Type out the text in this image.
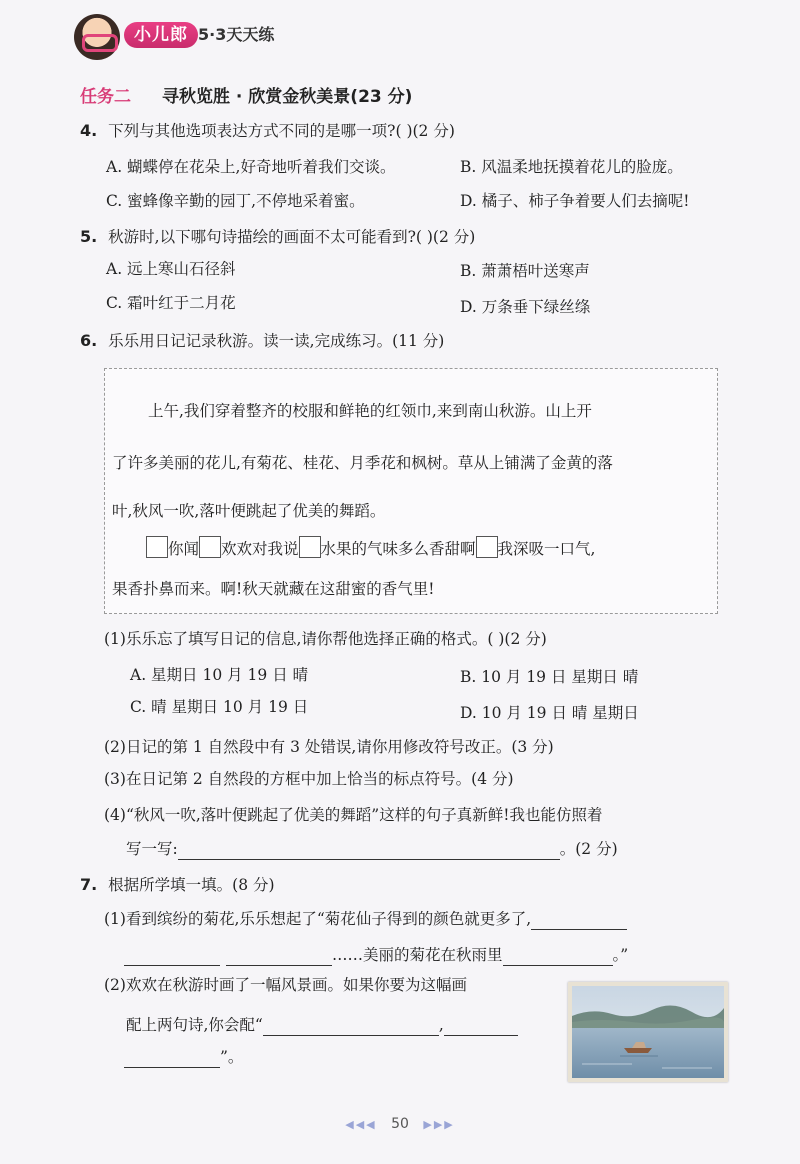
小儿郎 5·3天天练
任务二 寻秋览胜 · 欣赏金秋美景(23 分)
4. 下列与其他选项表达方式不同的是哪一项?( )(2 分)
A. 蝴蝶停在花朵上,好奇地听着我们交谈。	B. 风温柔地抚摸着花儿的脸庞。
C. 蜜蜂像辛勤的园丁,不停地采着蜜。	D. 橘子、柿子争着要人们去摘呢!
5. 秋游时,以下哪句诗描绘的画面不太可能看到?( )(2 分)
A. 远上寒山石径斜	B. 萧萧梧叶送寒声
C. 霜叶红于二月花	D. 万条垂下绿丝绦
6. 乐乐用日记记录秋游。读一读,完成练习。(11 分)
上午,我们穿着整齐的校服和鲜艳的红领巾,来到南山秋游。山上开
了许多美丽的花儿,有菊花、桂花、月季花和枫树。草从上铺满了金黄的落
叶,秋风一吹,落叶便跳起了优美的舞蹈。
你闻 欢欢对我说 水果的气味多么香甜啊 我深吸一口气,
果香扑鼻而来。啊!秋天就藏在这甜蜜的香气里!
(1)乐乐忘了填写日记的信息,请你帮他选择正确的格式。( )(2 分)
A. 星期日 10 月 19 日 晴	B. 10 月 19 日 星期日 晴
C. 晴 星期日 10 月 19 日	D. 10 月 19 日 晴 星期日
(2)日记的第 1 自然段中有 3 处错误,请你用修改符号改正。(3 分)
(3)在日记第 2 自然段的方框中加上恰当的标点符号。(4 分)
(4)“秋风一吹,落叶便跳起了优美的舞蹈”这样的句子真新鲜!我也能仿照着
写一写:	。(2 分)
7. 根据所学填一填。(8 分)
(1)看到缤纷的菊花,乐乐想起了“菊花仙子得到的颜色就更多了,
……美丽的菊花在秋雨里	。”
(2)欢欢在秋游时画了一幅风景画。如果你要为这幅画
配上两句诗,你会配“	,
”。
◀◀◀ 50 ▶▶▶
